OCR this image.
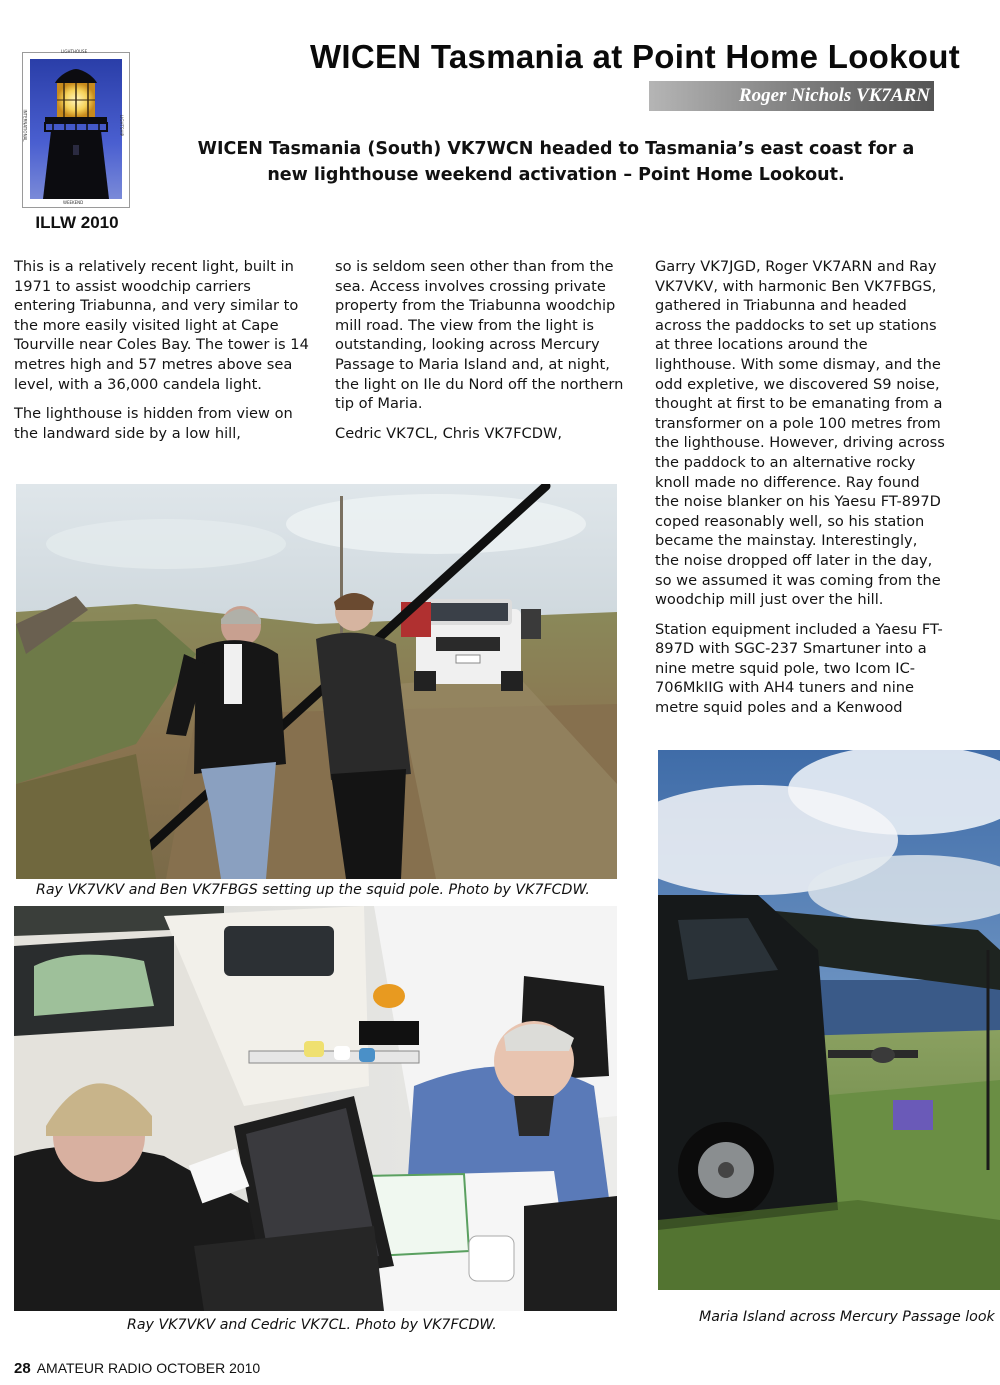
LIGHTHOUSE
INTERNATIONAL	LIGHTSHIP
WEEKEND
ILLW 2010
WICEN Tasmania at Point Home Lookout
Roger Nichols VK7ARN
WICEN Tasmania (South) VK7WCN headed to Tasmania’s east coast for a new lighthouse weekend activation – Point Home Lookout.

This is a relatively recent light, built in 1971 to assist woodchip carriers entering Triabunna, and very similar to the more easily visited light at Cape Tourville near Coles Bay. The tower is 14 metres high and 57 metres above sea level, with a 36,000 candela light.

The lighthouse is hidden from view on the landward side by a low hill,

so is seldom seen other than from the sea. Access involves crossing private property from the Triabunna woodchip mill road. The view from the light is outstanding, looking across Mercury Passage to Maria Island and, at night, the light on Ile du Nord off the northern tip of Maria.

Cedric VK7CL, Chris VK7FCDW,

Garry VK7JGD, Roger VK7ARN and Ray VK7VKV, with harmonic Ben VK7FBGS, gathered in Triabunna and headed across the paddocks to set up stations at three locations around the lighthouse. With some dismay, and the odd expletive, we discovered S9 noise, thought at first to be emanating from a transformer on a pole 100 metres from the lighthouse. However, driving across the paddock to an alternative rocky knoll made no difference. Ray found the noise blanker on his Yaesu FT-897D coped reasonably well, so his station became the mainstay. Interestingly, the noise dropped off later in the day, so we assumed it was coming from the woodchip mill just over the hill.

Station equipment included a Yaesu FT-897D with SGC-237 Smartuner into a nine metre squid pole, two Icom IC-706MkIIG with AH4 tuners and nine metre squid poles and a Kenwood

Ray VK7VKV and Ben VK7FBGS setting up the squid pole. Photo by VK7FCDW.
Ray VK7VKV and Cedric VK7CL. Photo by VK7FCDW.	Maria Island across Mercury Passage look
28 AMATEUR RADIO OCTOBER 2010
